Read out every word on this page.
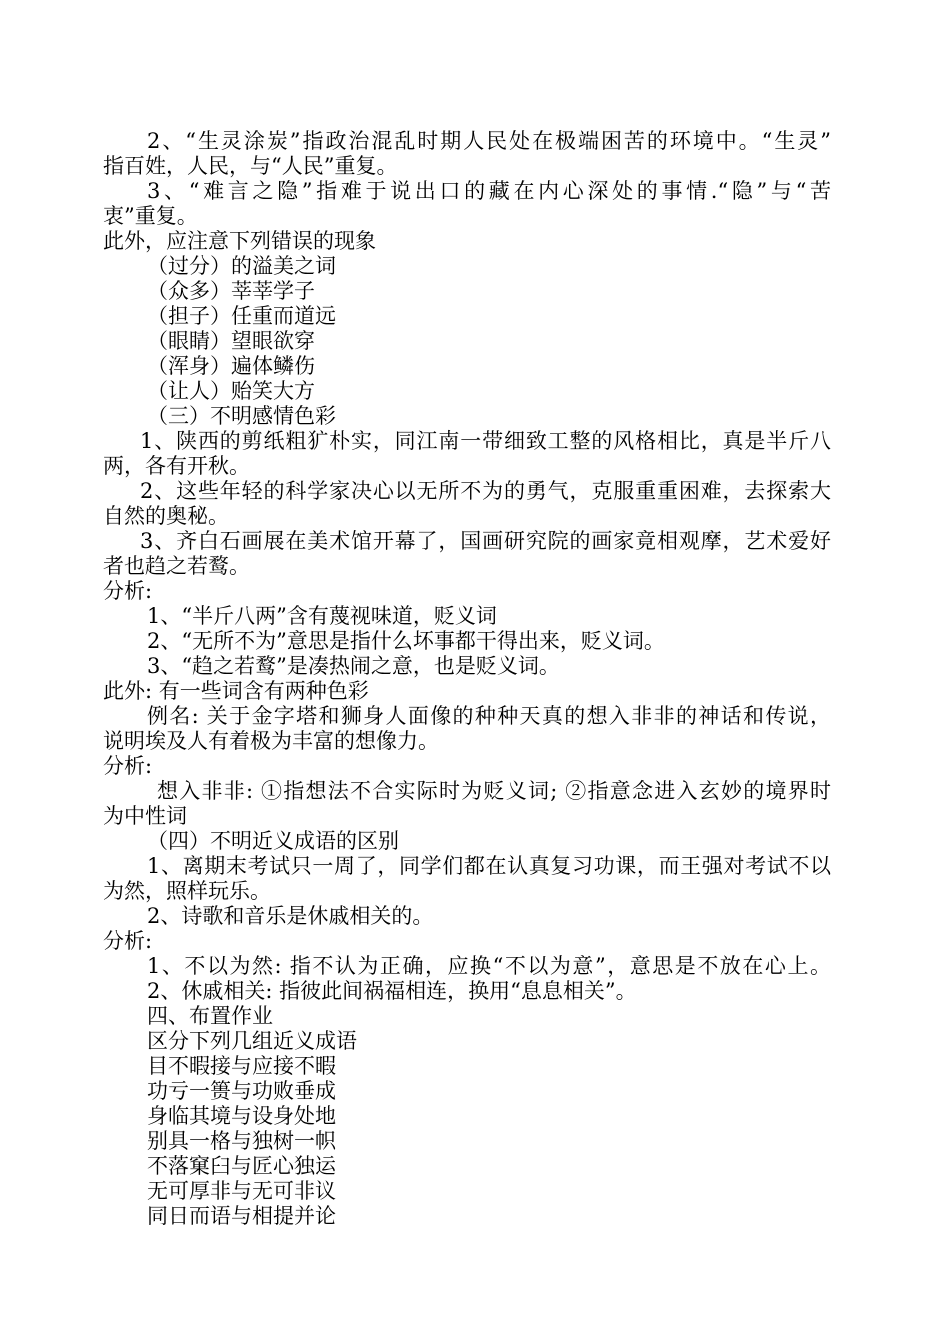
2、“生灵涂炭”指政治混乱时期人民处在极端困苦的环境中。“生灵”
指百姓，人民，与“人民”重复。
3、“难言之隐”指难于说出口的藏在内心深处的事情.“隐”与“苦
衷”重复。
此外，应注意下列错误的现象
（过分）的溢美之词
（众多）莘莘学子
（担子）任重而道远
（眼睛）望眼欲穿
（浑身）遍体鳞伤
（让人）贻笑大方
（三）不明感情色彩
1、陕西的剪纸粗犷朴实，同江南一带细致工整的风格相比，真是半斤八
两，各有开秋。
2、这些年轻的科学家决心以无所不为的勇气，克服重重困难，去探索大
自然的奥秘。
3、齐白石画展在美术馆开幕了，国画研究院的画家竟相观摩，艺术爱好
者也趋之若鹜。
分析:
1、“半斤八两”含有蔑视味道，贬义词
2、“无所不为”意思是指什么坏事都干得出来，贬义词。
3、“趋之若鹜”是凑热闹之意，也是贬义词。
此外: 有一些词含有两种色彩
例名: 关于金字塔和狮身人面像的种种天真的想入非非的神话和传说，
说明埃及人有着极为丰富的想像力。
分析:
想入非非: ①指想法不合实际时为贬义词; ②指意念进入玄妙的境界时
为中性词
（四）不明近义成语的区别
1、离期末考试只一周了，同学们都在认真复习功课，而王强对考试不以
为然，照样玩乐。
2、诗歌和音乐是休戚相关的。
分析:
1、不以为然: 指不认为正确，应换“不以为意”，意思是不放在心上。
2、休戚相关: 指彼此间祸福相连，换用“息息相关”。
四、布置作业
区分下列几组近义成语
目不暇接与应接不暇
功亏一篑与功败垂成
身临其境与设身处地
别具一格与独树一帜
不落窠臼与匠心独运
无可厚非与无可非议
同日而语与相提并论
